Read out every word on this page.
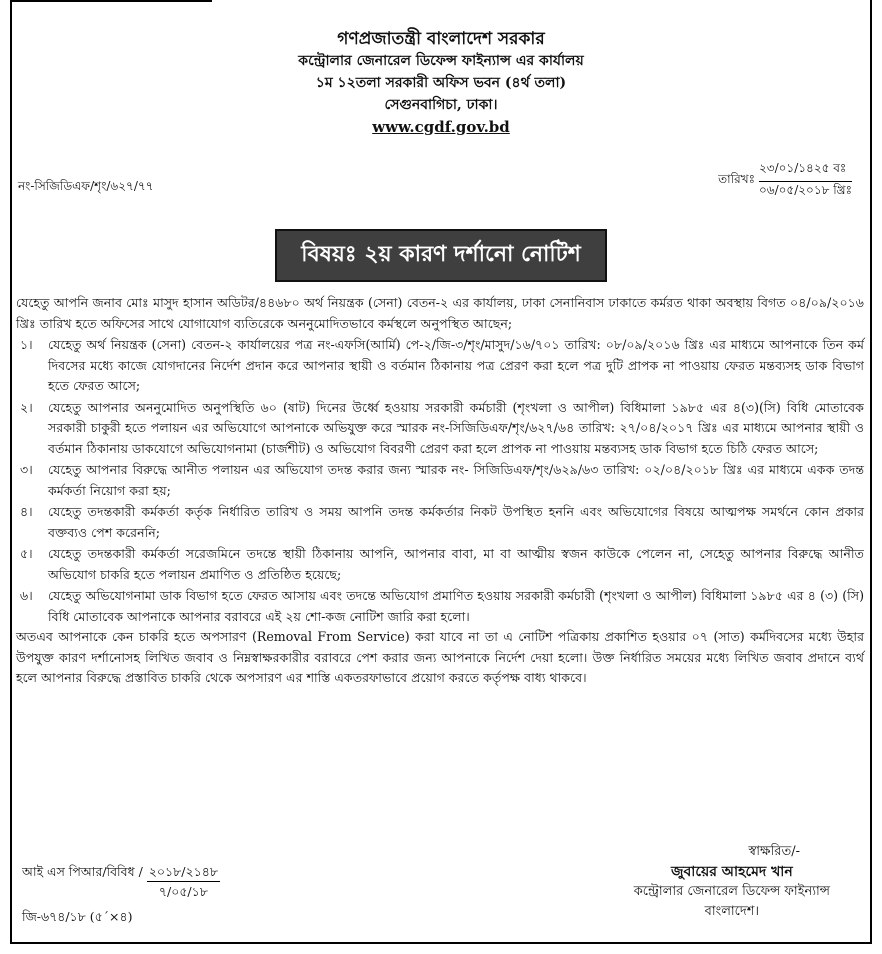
গণপ্রজাতন্ত্রী বাংলাদেশ সরকার
কন্ট্রোলার জেনারেল ডিফেন্স ফাইন্যান্স এর কার্যালয়
১ম ১২তলা সরকারী অফিস ভবন (৪র্থ তলা)
সেগুনবাগিচা, ঢাকা।
www.cgdf.gov.bd
নং-সিজিডিএফ/শৃং/৬২৭/৭৭	তারিখঃ
২৩/০১/১৪২৫ বঃ
০৬/০৫/২০১৮ খ্রিঃ
বিষয়ঃ ২য় কারণ দর্শানো নোটিশ

যেহেতু আপনি জনাব মোঃ মাসুদ হাসান অডিটর/৪৪৬৮০ অর্থ নিয়ন্ত্রক (সেনা) বেতন-২ এর কার্যালয়, ঢাকা সেনানিবাস ঢাকাতে কর্মরত থাকা অবস্থায় বিগত ০৪/০৯/২০১৬ খ্রিঃ তারিখ হতে অফিসের সাথে যোগাযোগ ব্যতিরেকে অননুমোদিতভাবে কর্মস্থলে অনুপস্থিত আছেন;

১।	যেহেতু অর্থ নিয়ন্ত্রক (সেনা) বেতন-২ কার্যালয়ের পত্র নং-এফসি(আর্মি) পে-২/জি-৩/শৃং/মাসুদ/১৬/৭০১ তারিখ: ০৮/০৯/২০১৬ খ্রিঃ এর মাধ্যমে আপনাকে তিন কর্ম দিবসের মধ্যে কাজে যোগদানের নির্দেশ প্রদান করে আপনার স্থায়ী ও বর্তমান ঠিকানায় পত্র প্রেরণ করা হলে পত্র দুটি প্রাপক না পাওয়ায় ফেরত মন্তব্যসহ ডাক বিভাগ হতে ফেরত আসে;
২।	যেহেতু আপনার অননুমোদিত অনুপস্থিতি ৬০ (ষাট) দিনের উর্ধ্বে হওয়ায় সরকারী কর্মচারী (শৃংখলা ও আপীল) বিধিমালা ১৯৮৫ এর ৪(৩)(সি) বিধি মোতাবেক সরকারী চাকুরী হতে পলায়ন এর অভিযোগে আপনাকে অভিযুক্ত করে স্মারক নং-সিজিডিএফ/শৃং/৬২৭/৬৪ তারিখ: ২৭/০৪/২০১৭ খ্রিঃ এর মাধ্যমে আপনার স্থায়ী ও বর্তমান ঠিকানায় ডাকযোগে অভিযোগনামা (চার্জশীট) ও অভিযোগ বিবরণী প্রেরণ করা হলে প্রাপক না পাওয়ায় মন্তব্যসহ ডাক বিভাগ হতে চিঠি ফেরত আসে;
৩।	যেহেতু আপনার বিরুদ্ধে আনীত পলায়ন এর অভিযোগ তদন্ত করার জন্য স্মারক নং- সিজিডিএফ/শৃং/৬২৯/৬৩ তারিখ: ০২/০৪/২০১৮ খ্রিঃ এর মাধ্যমে একক তদন্ত কর্মকর্তা নিয়োগ করা হয়;
৪।	যেহেতু তদন্তকারী কর্মকর্তা কর্তৃক নির্ধারিত তারিখ ও সময় আপনি তদন্ত কর্মকর্তার নিকট উপস্থিত হননি এবং অভিযোগের বিষয়ে আত্মপক্ষ সমর্থনে কোন প্রকার বক্তব্যও পেশ করেননি;
৫।	যেহেতু তদন্তকারী কর্মকর্তা সরেজমিনে তদন্তে স্থায়ী ঠিকানায় আপনি, আপনার বাবা, মা বা আত্মীয় স্বজন কাউকে পেলেন না, সেহেতু আপনার বিরুদ্ধে আনীত অভিযোগ চাকরি হতে পলায়ন প্রমাণিত ও প্রতিষ্ঠিত হয়েছে;
৬।	যেহেতু অভিযোগনামা ডাক বিভাগ হতে ফেরত আসায় এবং তদন্তে অভিযোগ প্রমাণিত হওয়ায় সরকারী কর্মচারী (শৃংখলা ও আপীল) বিধিমালা ১৯৮৫ এর ৪ (৩) (সি) বিধি মোতাবেক আপনাকে আপনার বরাবরে এই ২য় শো-কজ নোটিশ জারি করা হলো।

অতএব আপনাকে কেন চাকরি হতে অপসারণ (Removal From Service) করা যাবে না তা এ নোটিশ পত্রিকায় প্রকাশিত হওয়ার ০৭ (সাত) কর্মদিবসের মধ্যে উহার উপযুক্ত কারণ দর্শানোসহ লিখিত জবাব ও নিম্নস্বাক্ষরকারীর বরাবরে পেশ করার জন্য আপনাকে নির্দেশ দেয়া হলো। উক্ত নির্ধারিত সময়ের মধ্যে লিখিত জবাব প্রদানে ব্যর্থ হলে আপনার বিরুদ্ধে প্রস্তাবিত চাকরি থেকে অপসারণ এর শাস্তি একতরফাভাবে প্রয়োগ করতে কর্তৃপক্ষ বাধ্য থাকবে।

আই এস পিআর/বিবিধ / $\frac{২০১৮/২১৪৮}{৭/০৫/১৮}$
জি-৬৭৪/১৮ (৫´×৪)
স্বাক্ষরিত/-
জুবায়ের আহমেদ খান
কন্ট্রোলার জেনারেল ডিফেন্স ফাইন্যান্স
বাংলাদেশ।
